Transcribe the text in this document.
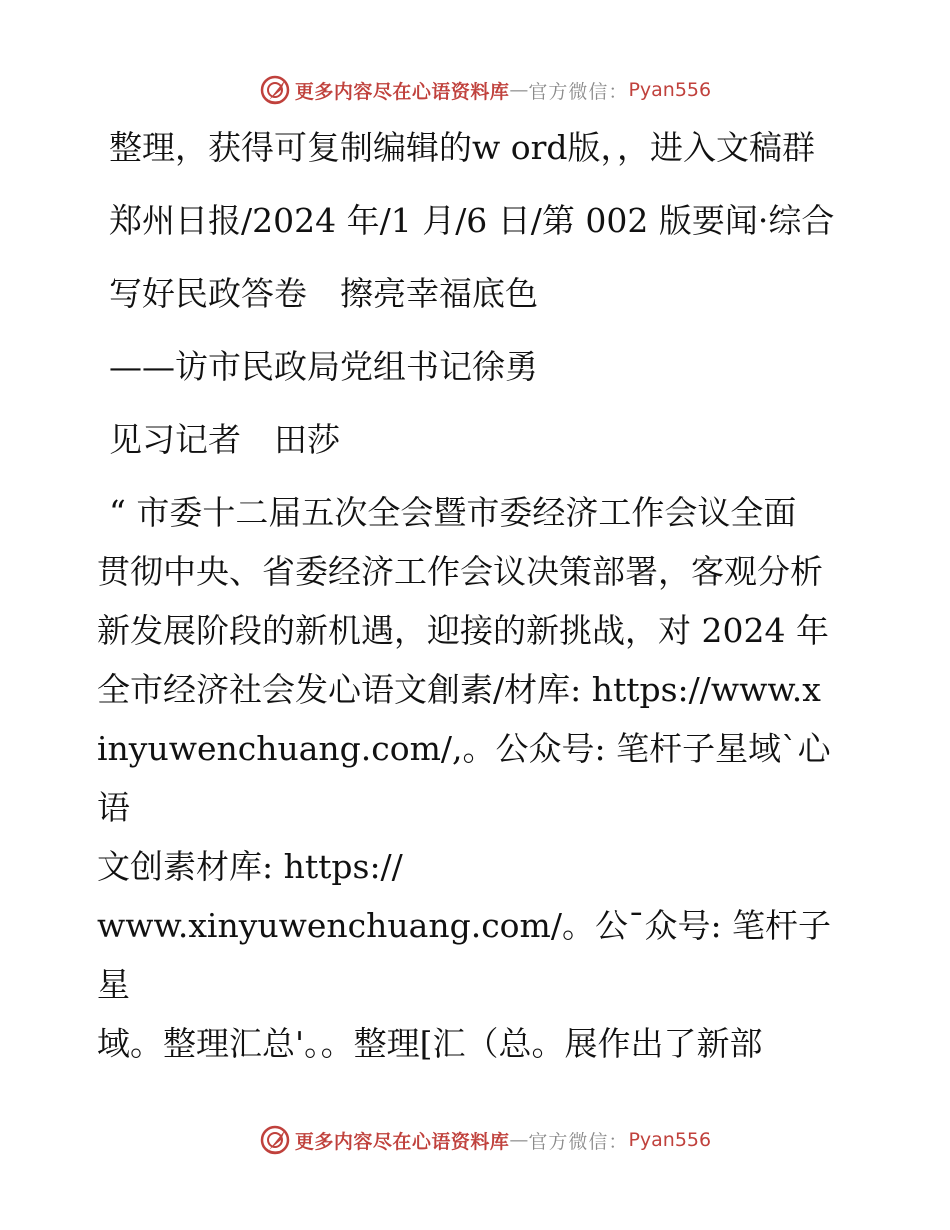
更多内容尽在心语资料库 — 官方微信： Pyan556

整理，获得可复制编辑的w ord版，，进入文稿群

郑州日报/2024 年/1 月/6 日/第 002 版要闻·综合

写好民政答卷　擦亮幸福底色

——访市民政局党组书记徐勇

见习记者　田莎

“ 市委十二届五次全会暨市委经济工作会议全面
贯彻中央、省委经济工作会议决策部署，客观分析
新发展阶段的新机遇，迎接的新挑战，对 2024 年
全市经济社会发心语文創素/材库: https://www.x
inyuwenchuang.com/,。公众号: 笔杆子星域`心语
文创素材库: https://
www.xinyuwenchuang.com/。公¯众号: 笔杆子星
域。整理汇总'。。整理[汇（总。展作出了新部
更多内容尽在心语资料库 — 官方微信： Pyan556
